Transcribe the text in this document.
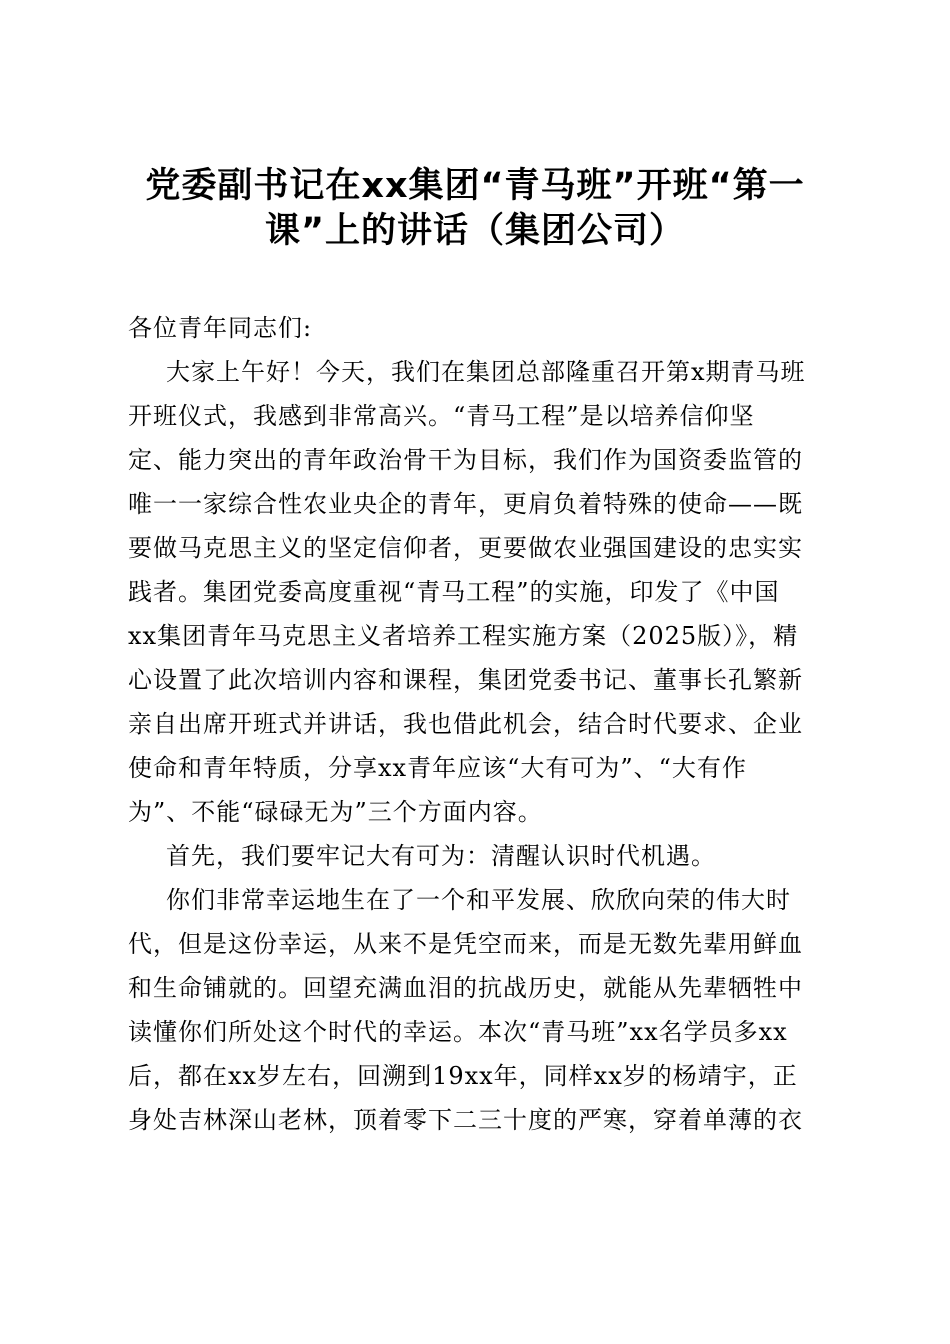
党委副书记在xx集团“青马班”开班“第一
课”上的讲话（集团公司）
各位青年同志们:
大家上午好！今天，我们在集团总部隆重召开第x期青马班
开班仪式，我感到非常高兴。“青马工程”是以培养信仰坚
定、能力突出的青年政治骨干为目标，我们作为国资委监管的
唯一一家综合性农业央企的青年，更肩负着特殊的使命——既
要做马克思主义的坚定信仰者，更要做农业强国建设的忠实实
践者。集团党委高度重视“青马工程”的实施，印发了《中国
xx集团青年马克思主义者培养工程实施方案（2025版）》，精
心设置了此次培训内容和课程，集团党委书记、董事长孔繁新
亲自出席开班式并讲话，我也借此机会，结合时代要求、企业
使命和青年特质，分享xx青年应该“大有可为”、“大有作
为”、不能“碌碌无为”三个方面内容。
首先，我们要牢记大有可为：清醒认识时代机遇。
你们非常幸运地生在了一个和平发展、欣欣向荣的伟大时
代，但是这份幸运，从来不是凭空而来，而是无数先辈用鲜血
和生命铺就的。回望充满血泪的抗战历史，就能从先辈牺牲中
读懂你们所处这个时代的幸运。本次“青马班”xx名学员多xx
后，都在xx岁左右，回溯到19xx年，同样xx岁的杨靖宇，正
身处吉林深山老林，顶着零下二三十度的严寒，穿着单薄的衣
